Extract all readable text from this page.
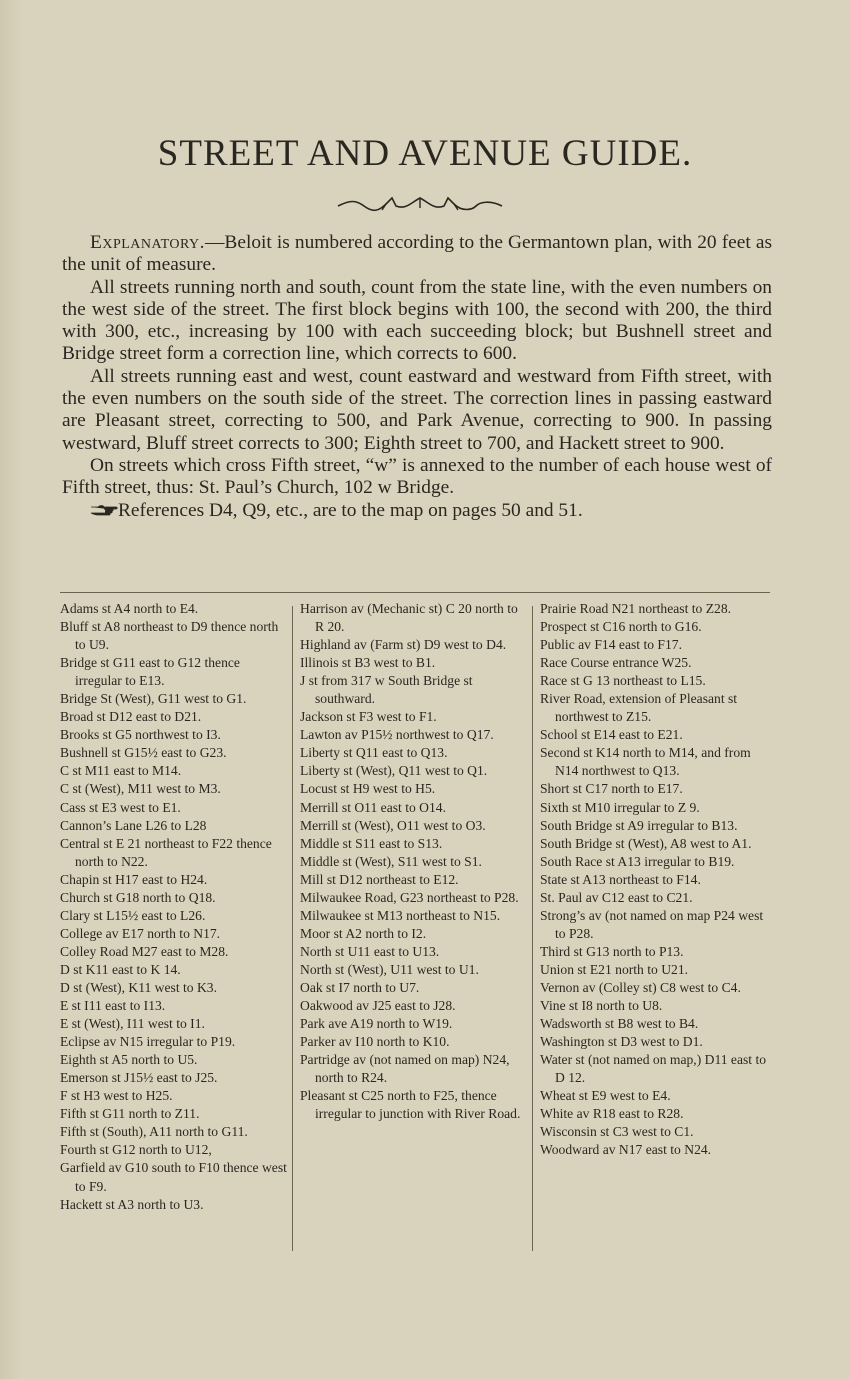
STREET AND AVENUE GUIDE.

Explanatory.—Beloit is numbered according to the Germantown plan, with 20 feet as the unit of measure.

All streets running north and south, count from the state line, with the even numbers on the west side of the street. The first block begins with 100, the second with 200, the third with 300, etc., increasing by 100 with each succeeding block; but Bushnell street and Bridge street form a correction line, which corrects to 600.

All streets running east and west, count eastward and westward from Fifth street, with the even numbers on the south side of the street. The correction lines in passing eastward are Pleasant street, correcting to 500, and Park Avenue, correcting to 900. In passing westward, Bluff street corrects to 300; Eighth street to 700, and Hackett street to 900.

On streets which cross Fifth street, “w” is annexed to the number of each house west of Fifth street, thus: St. Paul’s Church, 102 w Bridge.

References D4, Q9, etc., are to the map on pages 50 and 51.

Adams st A4 north to E4.
Bluff st A8 northeast to D9 thence north to U9.
Bridge st G11 east to G12 thence irregular to E13.
Bridge St (West), G11 west to G1.
Broad st D12 east to D21.
Brooks st G5 northwest to I3.
Bushnell st G15½ east to G23.
C st M11 east to M14.
C st (West), M11 west to M3.
Cass st E3 west to E1.
Cannon’s Lane L26 to L28
Central st E 21 northeast to F22 thence north to N22.
Chapin st H17 east to H24.
Church st G18 north to Q18.
Clary st L15½ east to L26.
College av E17 north to N17.
Colley Road M27 east to M28.
D st K11 east to K 14.
D st (West), K11 west to K3.
E st I11 east to I13.
E st (West), I11 west to I1.
Eclipse av N15 irregular to P19.
Eighth st A5 north to U5.
Emerson st J15½ east to J25.
F st H3 west to H25.
Fifth st G11 north to Z11.
Fifth st (South), A11 north to G11.
Fourth st G12 north to U12,
Garfield av G10 south to F10 thence west to F9.
Hackett st A3 north to U3.
Harrison av (Mechanic st) C 20 north to R 20.
Highland av (Farm st) D9 west to D4.
Illinois st B3 west to B1.
J st from 317 w South Bridge st southward.
Jackson st F3 west to F1.
Lawton av P15½ northwest to Q17.
Liberty st Q11 east to Q13.
Liberty st (West), Q11 west to Q1.
Locust st H9 west to H5.
Merrill st O11 east to O14.
Merrill st (West), O11 west to O3.
Middle st S11 east to S13.
Middle st (West), S11 west to S1.
Mill st D12 northeast to E12.
Milwaukee Road, G23 northeast to P28.
Milwaukee st M13 northeast to N15.
Moor st A2 north to I2.
North st U11 east to U13.
North st (West), U11 west to U1.
Oak st I7 north to U7.
Oakwood av J25 east to J28.
Park ave A19 north to W19.
Parker av I10 north to K10.
Partridge av (not named on map) N24, north to R24.
Pleasant st C25 north to F25, thence irregular to junction with River Road.
Prairie Road N21 northeast to Z28.
Prospect st C16 north to G16.
Public av F14 east to F17.
Race Course entrance W25.
Race st G 13 northeast to L15.
River Road, extension of Pleasant st northwest to Z15.
School st E14 east to E21.
Second st K14 north to M14, and from N14 northwest to Q13.
Short st C17 north to E17.
Sixth st M10 irregular to Z 9.
South Bridge st A9 irregular to B13.
South Bridge st (West), A8 west to A1.
South Race st A13 irregular to B19.
State st A13 northeast to F14.
St. Paul av C12 east to C21.
Strong’s av (not named on map P24 west to P28.
Third st G13 north to P13.
Union st E21 north to U21.
Vernon av (Colley st) C8 west to C4.
Vine st I8 north to U8.
Wadsworth st B8 west to B4.
Washington st D3 west to D1.
Water st (not named on map,) D11 east to D 12.
Wheat st E9 west to E4.
White av R18 east to R28.
Wisconsin st C3 west to C1.
Woodward av N17 east to N24.
